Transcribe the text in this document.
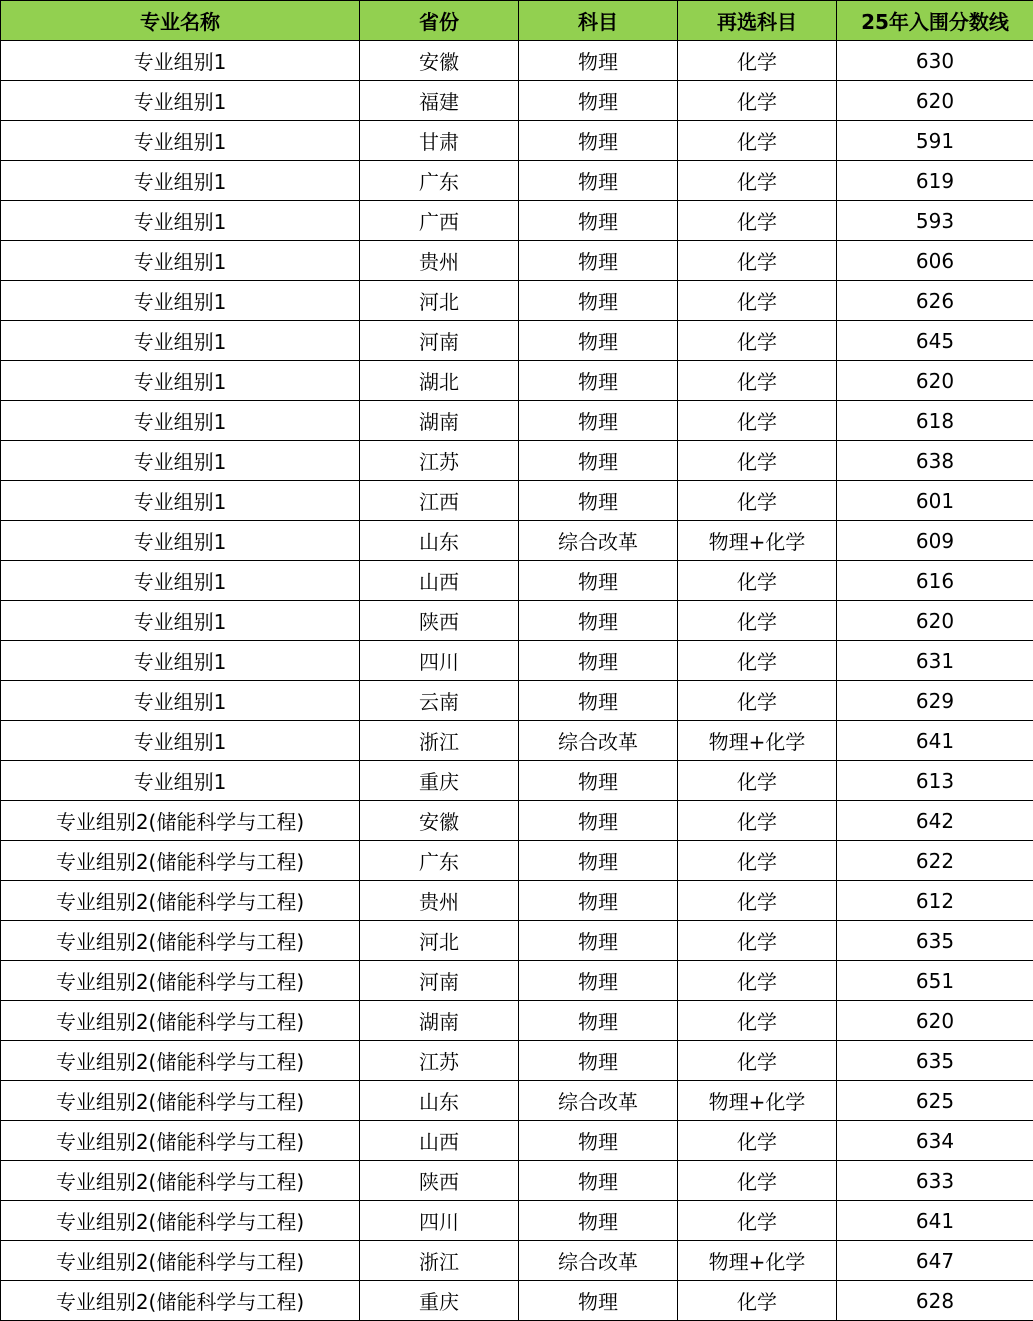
专业名称	省份	科目	再选科目	25年入围分数线
专业组别1	安徽	物理	化学	630
专业组别1	福建	物理	化学	620
专业组别1	甘肃	物理	化学	591
专业组别1	广东	物理	化学	619
专业组别1	广西	物理	化学	593
专业组别1	贵州	物理	化学	606
专业组别1	河北	物理	化学	626
专业组别1	河南	物理	化学	645
专业组别1	湖北	物理	化学	620
专业组别1	湖南	物理	化学	618
专业组别1	江苏	物理	化学	638
专业组别1	江西	物理	化学	601
专业组别1	山东	综合改革	物理+化学	609
专业组别1	山西	物理	化学	616
专业组别1	陕西	物理	化学	620
专业组别1	四川	物理	化学	631
专业组别1	云南	物理	化学	629
专业组别1	浙江	综合改革	物理+化学	641
专业组别1	重庆	物理	化学	613
专业组别2(储能科学与工程)	安徽	物理	化学	642
专业组别2(储能科学与工程)	广东	物理	化学	622
专业组别2(储能科学与工程)	贵州	物理	化学	612
专业组别2(储能科学与工程)	河北	物理	化学	635
专业组别2(储能科学与工程)	河南	物理	化学	651
专业组别2(储能科学与工程)	湖南	物理	化学	620
专业组别2(储能科学与工程)	江苏	物理	化学	635
专业组别2(储能科学与工程)	山东	综合改革	物理+化学	625
专业组别2(储能科学与工程)	山西	物理	化学	634
专业组别2(储能科学与工程)	陕西	物理	化学	633
专业组别2(储能科学与工程)	四川	物理	化学	641
专业组别2(储能科学与工程)	浙江	综合改革	物理+化学	647
专业组别2(储能科学与工程)	重庆	物理	化学	628
